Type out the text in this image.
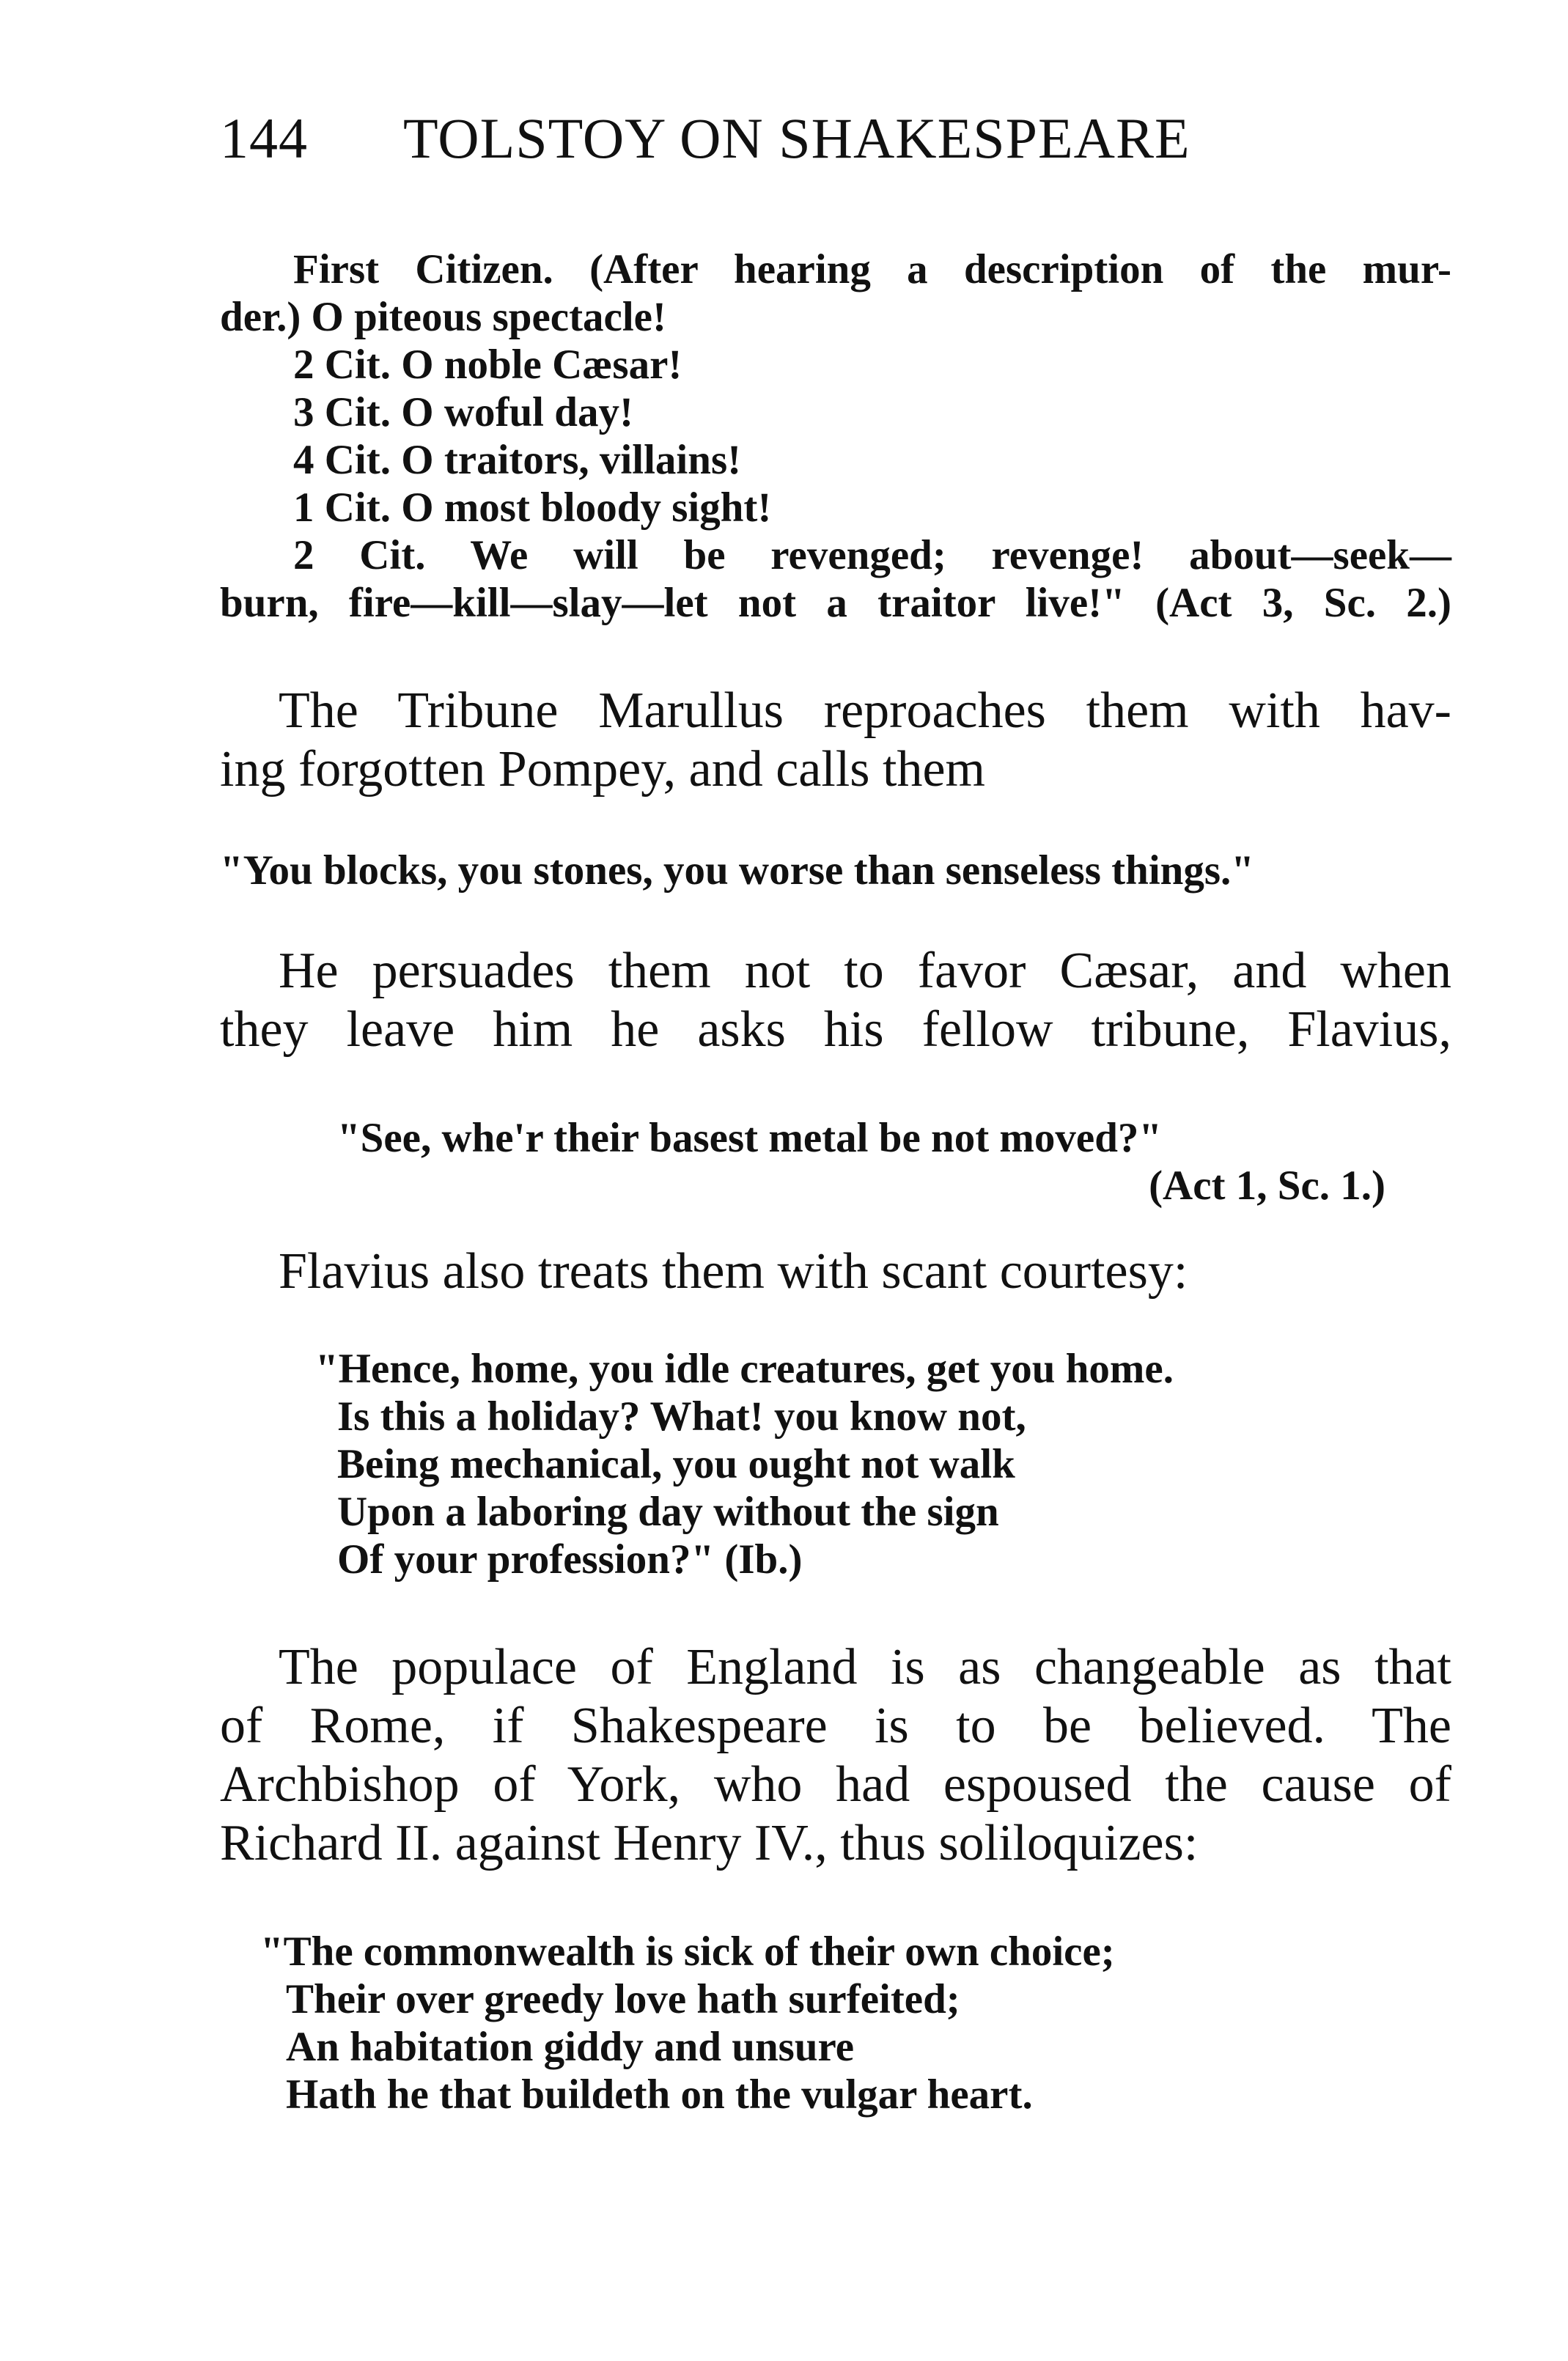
144 TOLSTOY ON SHAKESPEARE
First Citizen. (After hearing a description of the mur-
der.) O piteous spectacle!
2 Cit. O noble Cæsar!
3 Cit. O woful day!
4 Cit. O traitors, villains!
1 Cit. O most bloody sight!
2 Cit. We will be revenged; revenge! about—seek—
burn, fire—kill—slay—let not a traitor live!" (Act 3, Sc. 2.)
The Tribune Marullus reproaches them with hav-
ing forgotten Pompey, and calls them
"You blocks, you stones, you worse than senseless things."
He persuades them not to favor Cæsar, and when
they leave him he asks his fellow tribune, Flavius,
"See, whe'r their basest metal be not moved?"
(Act 1, Sc. 1.)
Flavius also treats them with scant courtesy:
"Hence, home, you idle creatures, get you home.
Is this a holiday? What! you know not,
Being mechanical, you ought not walk
Upon a laboring day without the sign
Of your profession?" (Ib.)
The populace of England is as changeable as that
of Rome, if Shakespeare is to be believed. The
Archbishop of York, who had espoused the cause of
Richard II. against Henry IV., thus soliloquizes:
"The commonwealth is sick of their own choice;
Their over greedy love hath surfeited;
An habitation giddy and unsure
Hath he that buildeth on the vulgar heart.
